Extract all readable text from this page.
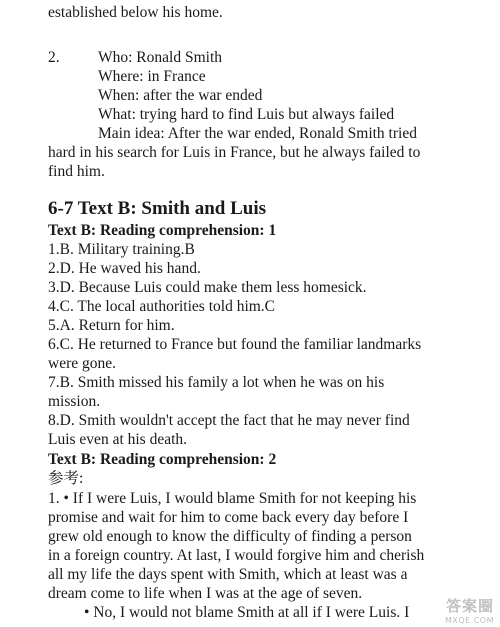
established below his home.
2. Who: Ronald Smith
Where: in France
When: after the war ended
What: trying hard to find Luis but always failed
Main idea: After the war ended, Ronald Smith tried
hard in his search for Luis in France, but he always failed to
find him.
6-7 Text B: Smith and Luis
Text B: Reading comprehension: 1
1.B. Military training.B
2.D. He waved his hand.
3.D. Because Luis could make them less homesick.
4.C. The local authorities told him.C
5.A. Return for him.
6.C. He returned to France but found the familiar landmarks
were gone.
7.B. Smith missed his family a lot when he was on his
mission.
8.D. Smith wouldn't accept the fact that he may never find
Luis even at his death.
Text B: Reading comprehension: 2
参考:
1. • If I were Luis, I would blame Smith for not keeping his
promise and wait for him to come back every day before I
grew old enough to know the difficulty of finding a person
in a foreign country. At last, I would forgive him and cherish
all my life the days spent with Smith, which at least was a
dream come to life when I was at the age of seven.
• No, I would not blame Smith at all if I were Luis. I 答案圈
MXQE.COM
